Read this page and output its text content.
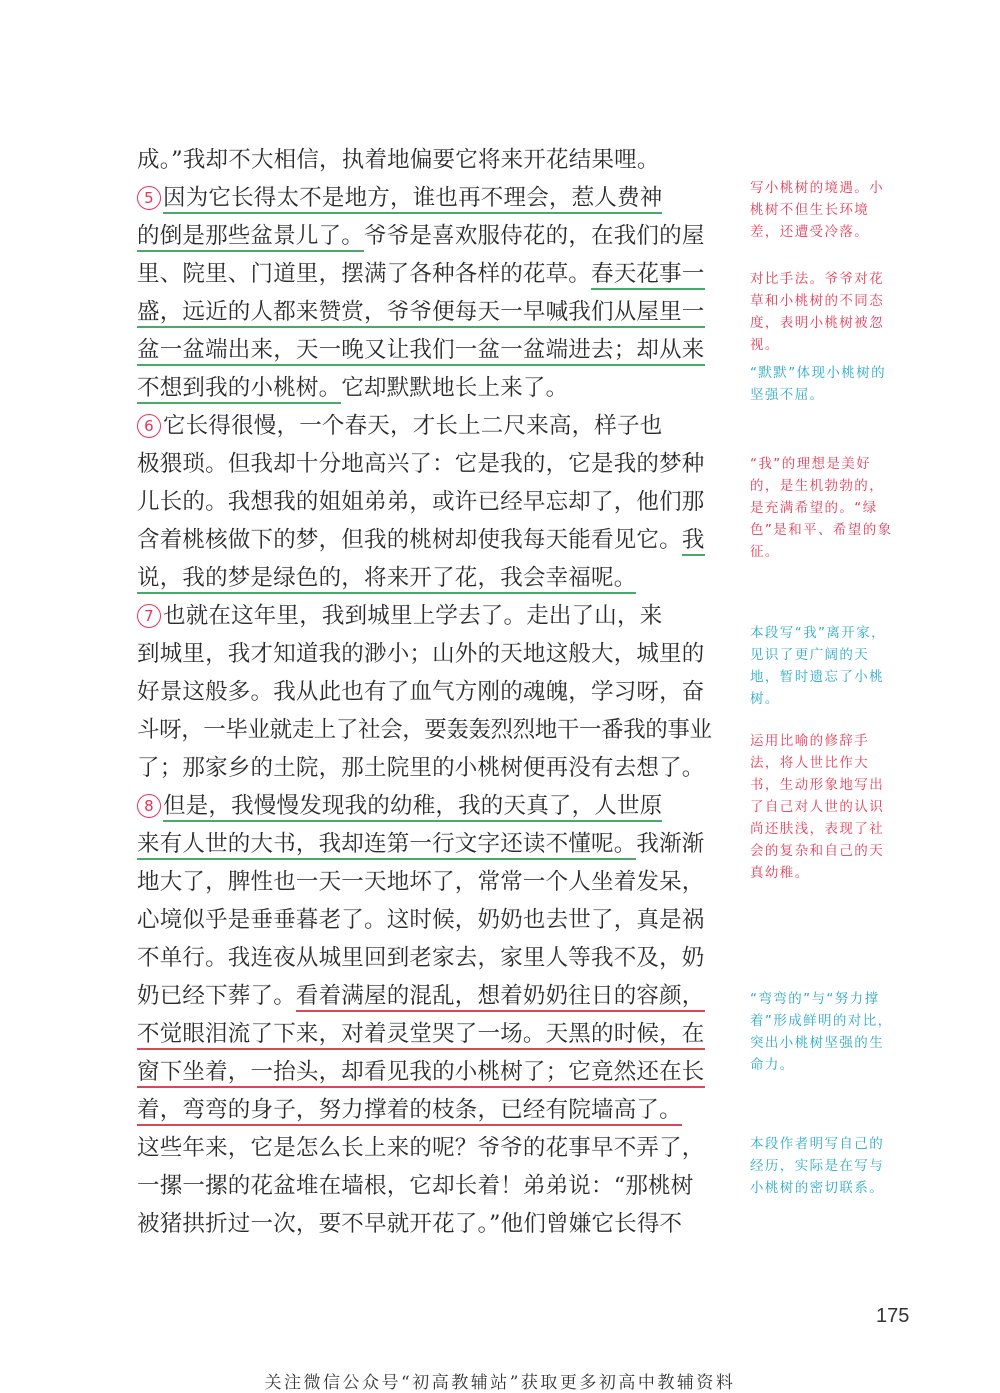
成。”我却不大相信，执着地偏要它将来开花结果哩。
5 因为它长得太不是地方，谁也再不理会，惹人费神
的倒是那些盆景儿了。爷爷是喜欢服侍花的，在我们的屋
里、院里、门道里，摆满了各种各样的花草。春天花事一
盛，远近的人都来赞赏，爷爷便每天一早喊我们从屋里一
盆一盆端出来，天一晚又让我们一盆一盆端进去；却从来
不想到我的小桃树。它却默默地长上来了。
6 它长得很慢，一个春天，才长上二尺来高，样子也
极猥琐。但我却十分地高兴了：它是我的，它是我的梦种
儿长的。我想我的姐姐弟弟，或许已经早忘却了，他们那
含着桃核做下的梦，但我的桃树却使我每天能看见它。我
说，我的梦是绿色的，将来开了花，我会幸福呢。
7 也就在这年里，我到城里上学去了。走出了山，来
到城里，我才知道我的渺小；山外的天地这般大，城里的
好景这般多。我从此也有了血气方刚的魂魄，学习呀，奋
斗呀，一毕业就走上了社会，要轰轰烈烈地干一番我的事业
了；那家乡的土院，那土院里的小桃树便再没有去想了。
8 但是，我慢慢发现我的幼稚，我的天真了，人世原
来有人世的大书，我却连第一行文字还读不懂呢。我渐渐
地大了，脾性也一天一天地坏了，常常一个人坐着发呆，
心境似乎是垂垂暮老了。这时候，奶奶也去世了，真是祸
不单行。我连夜从城里回到老家去，家里人等我不及，奶
奶已经下葬了。看着满屋的混乱，想着奶奶往日的容颜，
不觉眼泪流了下来，对着灵堂哭了一场。天黑的时候，在
窗下坐着，一抬头，却看见我的小桃树了；它竟然还在长
着，弯弯的身子，努力撑着的枝条，已经有院墙高了。
这些年来，它是怎么长上来的呢？爷爷的花事早不弄了，
一摞一摞的花盆堆在墙根，它却长着！弟弟说：“那桃树
被猪拱折过一次，要不早就开花了。”他们曾嫌它长得不
写小桃树的境遇。小桃树不但生长环境差，还遭受冷落。
对比手法。爷爷对花草和小桃树的不同态度，表明小桃树被忽视。
“默默”体现小桃树的坚强不屈。
“我”的理想是美好的，是生机勃勃的，是充满希望的。“绿色”是和平、希望的象征。
本段写“我”离开家，见识了更广阔的天地，暂时遗忘了小桃树。
运用比喻的修辞手法，将人世比作大书，生动形象地写出了自己对人世的认识尚还肤浅，表现了社会的复杂和自己的天真幼稚。
“弯弯的”与“努力撑着”形成鲜明的对比，突出小桃树坚强的生命力。
本段作者明写自己的经历，实际是在写与小桃树的密切联系。
175
关注微信公众号“初高教辅站”获取更多初高中教辅资料
